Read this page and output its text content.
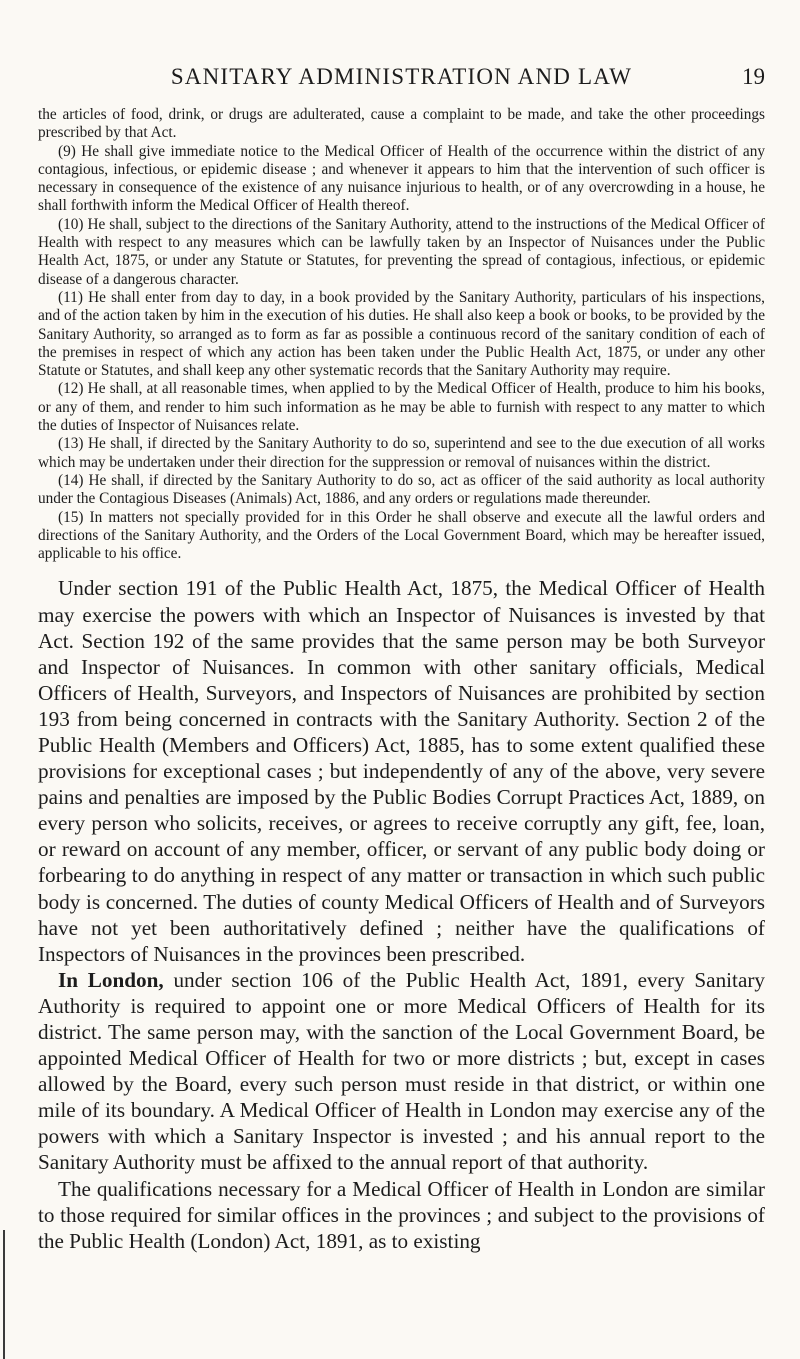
SANITARY ADMINISTRATION AND LAW	19

the articles of food, drink, or drugs are adulterated, cause a complaint to be made, and take the other proceedings prescribed by that Act.

(9) He shall give immediate notice to the Medical Officer of Health of the occurrence within the district of any contagious, infectious, or epidemic disease ; and whenever it appears to him that the intervention of such officer is necessary in consequence of the existence of any nuisance injurious to health, or of any overcrowding in a house, he shall forthwith inform the Medical Officer of Health thereof.

(10) He shall, subject to the directions of the Sanitary Authority, attend to the instructions of the Medical Officer of Health with respect to any measures which can be lawfully taken by an Inspector of Nuisances under the Public Health Act, 1875, or under any Statute or Statutes, for preventing the spread of contagious, infectious, or epidemic disease of a dangerous character.

(11) He shall enter from day to day, in a book provided by the Sanitary Authority, particulars of his inspections, and of the action taken by him in the execution of his duties. He shall also keep a book or books, to be provided by the Sanitary Authority, so arranged as to form as far as possible a continuous record of the sanitary condition of each of the premises in respect of which any action has been taken under the Public Health Act, 1875, or under any other Statute or Statutes, and shall keep any other systematic records that the Sanitary Authority may require.

(12) He shall, at all reasonable times, when applied to by the Medical Officer of Health, produce to him his books, or any of them, and render to him such information as he may be able to furnish with respect to any matter to which the duties of Inspector of Nuisances relate.

(13) He shall, if directed by the Sanitary Authority to do so, superintend and see to the due execution of all works which may be undertaken under their direction for the suppression or removal of nuisances within the district.

(14) He shall, if directed by the Sanitary Authority to do so, act as officer of the said authority as local authority under the Contagious Diseases (Animals) Act, 1886, and any orders or regulations made thereunder.

(15) In matters not specially provided for in this Order he shall observe and execute all the lawful orders and directions of the Sanitary Authority, and the Orders of the Local Government Board, which may be hereafter issued, applicable to his office.

Under section 191 of the Public Health Act, 1875, the Medical Officer of Health may exercise the powers with which an Inspector of Nuisances is invested by that Act. Section 192 of the same provides that the same person may be both Surveyor and Inspector of Nuisances. In common with other sanitary officials, Medical Officers of Health, Surveyors, and Inspectors of Nuisances are prohibited by section 193 from being concerned in contracts with the Sanitary Authority. Section 2 of the Public Health (Members and Officers) Act, 1885, has to some extent qualified these provisions for exceptional cases ; but independently of any of the above, very severe pains and penalties are imposed by the Public Bodies Corrupt Practices Act, 1889, on every person who solicits, receives, or agrees to receive corruptly any gift, fee, loan, or reward on account of any member, officer, or servant of any public body doing or forbearing to do anything in respect of any matter or transaction in which such public body is concerned. The duties of county Medical Officers of Health and of Surveyors have not yet been authoritatively defined ; neither have the qualifications of Inspectors of Nuisances in the provinces been prescribed.

In London, under section 106 of the Public Health Act, 1891, every Sanitary Authority is required to appoint one or more Medical Officers of Health for its district. The same person may, with the sanction of the Local Government Board, be appointed Medical Officer of Health for two or more districts ; but, except in cases allowed by the Board, every such person must reside in that district, or within one mile of its boundary. A Medical Officer of Health in London may exercise any of the powers with which a Sanitary Inspector is invested ; and his annual report to the Sanitary Authority must be affixed to the annual report of that authority.

The qualifications necessary for a Medical Officer of Health in London are similar to those required for similar offices in the provinces ; and subject to the provisions of the Public Health (London) Act, 1891, as to existing
